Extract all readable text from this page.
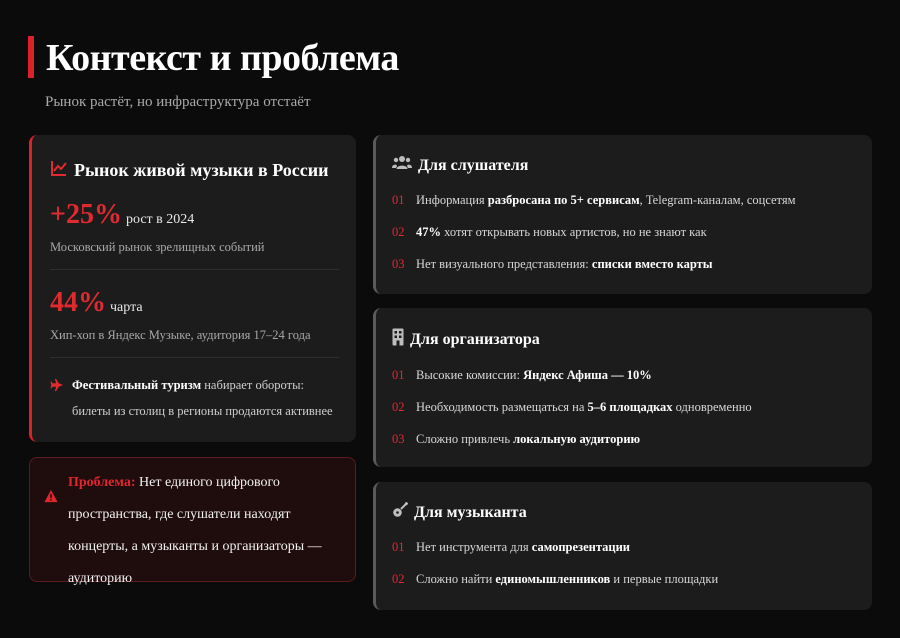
Контекст и проблема
Рынок растёт, но инфраструктура отстаёт
Рынок живой музыки в России
+25% рост в 2024
Московский рынок зрелищных событий
44% чарта
Хип-хоп в Яндекс Музыке, аудитория 17–24 года
Фестивальный туризм набирает обороты: билеты из столиц в регионы продаются активнее
Проблема: Нет единого цифрового пространства, где слушатели находят концерты, а музыканты и организаторы — аудиторию
Для слушателя
01 Информация разбросана по 5+ сервисам, Telegram-каналам, соцсетям
02 47% хотят открывать новых артистов, но не знают как
03 Нет визуального представления: списки вместо карты
Для организатора
01 Высокие комиссии: Яндекс Афиша — 10%
02 Необходимость размещаться на 5–6 площадках одновременно
03 Сложно привлечь локальную аудиторию
Для музыканта
01 Нет инструмента для самопрезентации
02 Сложно найти единомышленников и первые площадки
